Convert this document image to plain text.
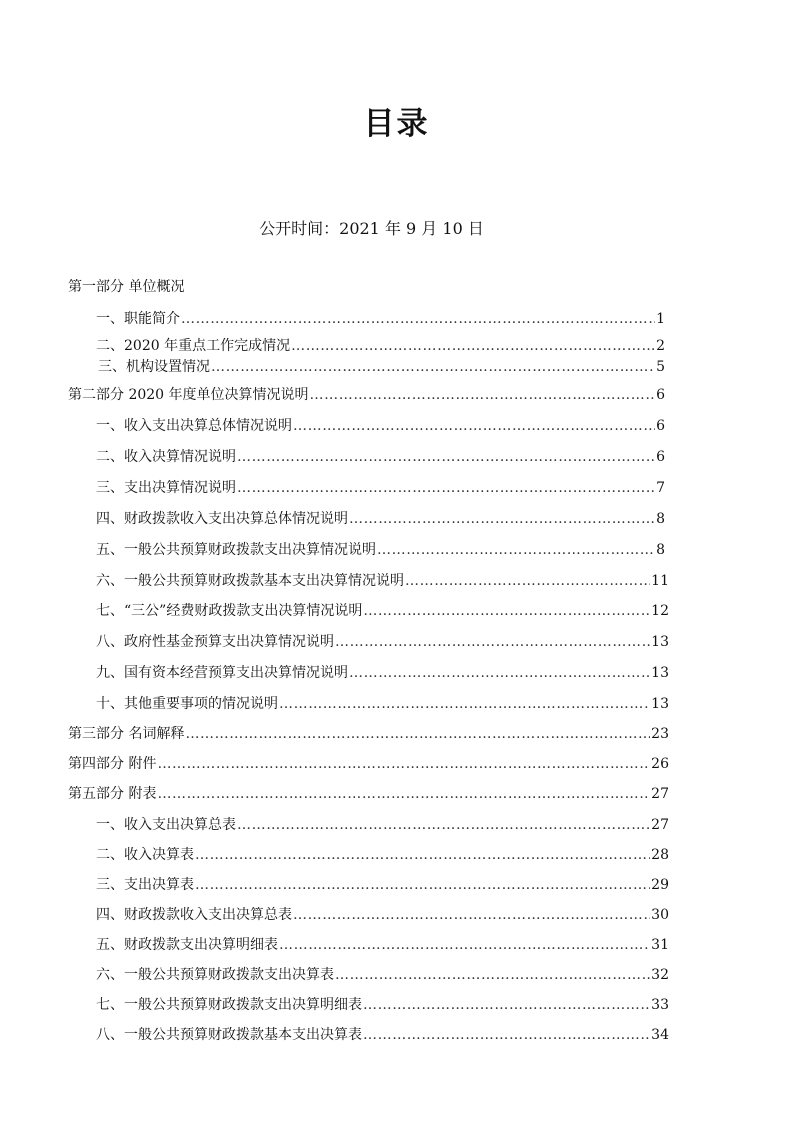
目录
公开时间：2021 年 9 月 10 日
第一部分 单位概况
一、职能简介 …………………………………………………………………………………………………………………………………………………………………………………………………………	1
二、2020 年重点工作完成情况 …………………………………………………………………………………………………………………………………………………………………………………………………………	2
三、机构设置情况 …………………………………………………………………………………………………………………………………………………………………………………………………………	5
第二部分 2020 年度单位决算情况说明 …………………………………………………………………………………………………………………………………………………………………………………………………………	6
一、收入支出决算总体情况说明 …………………………………………………………………………………………………………………………………………………………………………………………………………	6
二、收入决算情况说明 …………………………………………………………………………………………………………………………………………………………………………………………………………	6
三、支出决算情况说明 …………………………………………………………………………………………………………………………………………………………………………………………………………	7
四、财政拨款收入支出决算总体情况说明 …………………………………………………………………………………………………………………………………………………………………………………………………………	8
五、一般公共预算财政拨款支出决算情况说明 …………………………………………………………………………………………………………………………………………………………………………………………………………	8
六、一般公共预算财政拨款基本支出决算情况说明 …………………………………………………………………………………………………………………………………………………………………………………………………………	11
七、“三公”经费财政拨款支出决算情况说明 …………………………………………………………………………………………………………………………………………………………………………………………………………	12
八、政府性基金预算支出决算情况说明 …………………………………………………………………………………………………………………………………………………………………………………………………………	13
九、国有资本经营预算支出决算情况说明 …………………………………………………………………………………………………………………………………………………………………………………………………………	13
十、其他重要事项的情况说明 …………………………………………………………………………………………………………………………………………………………………………………………………………	13
第三部分 名词解释 …………………………………………………………………………………………………………………………………………………………………………………………………………	23
第四部分 附件 …………………………………………………………………………………………………………………………………………………………………………………………………………	26
第五部分 附表 …………………………………………………………………………………………………………………………………………………………………………………………………………	27
一、收入支出决算总表 …………………………………………………………………………………………………………………………………………………………………………………………………………	27
二、收入决算表 …………………………………………………………………………………………………………………………………………………………………………………………………………	28
三、支出决算表 …………………………………………………………………………………………………………………………………………………………………………………………………………	29
四、财政拨款收入支出决算总表 …………………………………………………………………………………………………………………………………………………………………………………………………………	30
五、财政拨款支出决算明细表 …………………………………………………………………………………………………………………………………………………………………………………………………………	31
六、一般公共预算财政拨款支出决算表 …………………………………………………………………………………………………………………………………………………………………………………………………………	32
七、一般公共预算财政拨款支出决算明细表 …………………………………………………………………………………………………………………………………………………………………………………………………………	33
八、一般公共预算财政拨款基本支出决算表 …………………………………………………………………………………………………………………………………………………………………………………………………………	34
